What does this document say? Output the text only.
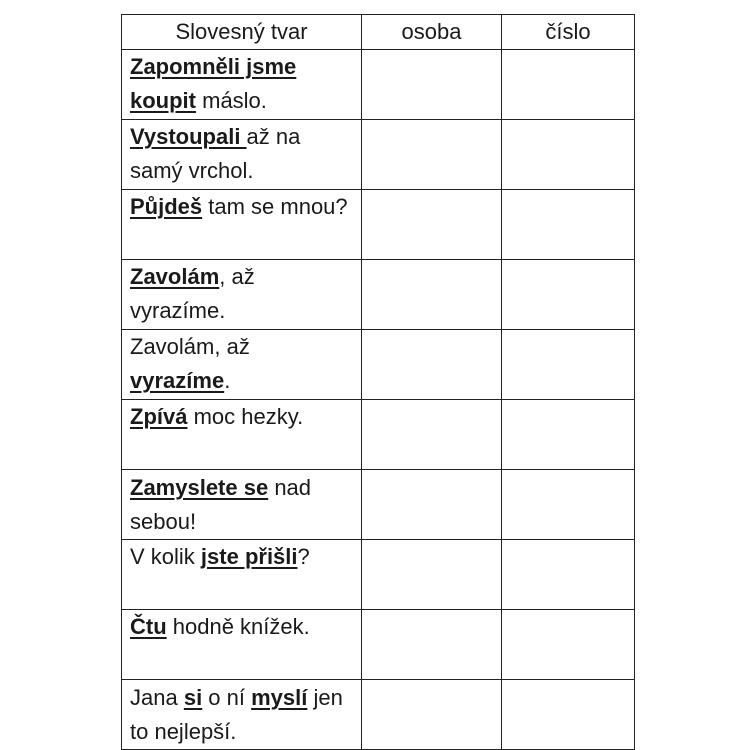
Slovesný tvar	osoba	číslo
Zapomněli jsme koupit máslo.		
Vystoupali až na samý vrchol.		
Půjdeš tam se mnou?		
Zavolám, až vyrazíme.		
Zavolám, až vyrazíme.		
Zpívá moc hezky.		
Zamyslete se nad sebou!		
V kolik jste přišli?		
Čtu hodně knížek.		
Jana si o ní myslí jen to nejlepší.		
